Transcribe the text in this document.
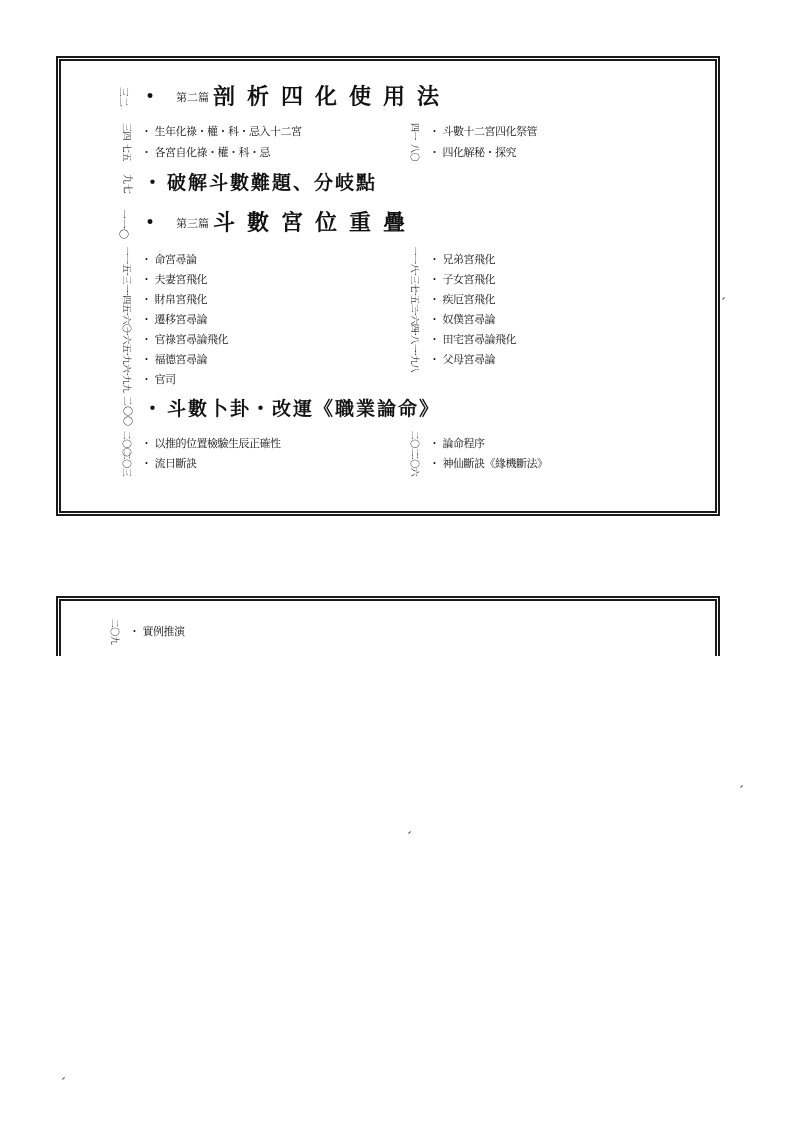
三二 ・ 第二篇 剖析四化使用法
三四 ・ 生年化祿・權・科・忌入十二宮
七五 ・ 各宮自化祿・權・科・忌
四一 ・ 斗數十二宮四化祭管
八〇 ・ 四化解秘・探究
九七 ・ 破解斗數難題、分岐點
一一〇 ・ 第三篇 斗數宮位重疊
一一五 ・ 命宮尋論
一三一 ・ 夫妻宮飛化
一四五 ・ 財帛宮飛化
一六〇 ・ 遷移宮尋論
一六五 ・ 官祿宮尋論飛化
一九六 ・ 福德宮尋論
一九九 ・ 官司
一一八 ・ 兄弟宮飛化
一三七 ・ 子女宮飛化
一五二 ・ 疾厄宮飛化
一六四 ・ 奴僕宮尋論
一八一 ・ 田宅宮尋論飛化
一九八 ・ 父母宮尋論
二〇〇 ・ 斗數卜卦・改運《職業論命》
二〇〇 ・ 以推的位置檢驗生辰正確性
二〇三 ・ 流日斷訣
二〇二 ・ 論命程序
二〇六 ・ 神仙斷訣《緣機斷法》
二〇九 ・ 實例推演
